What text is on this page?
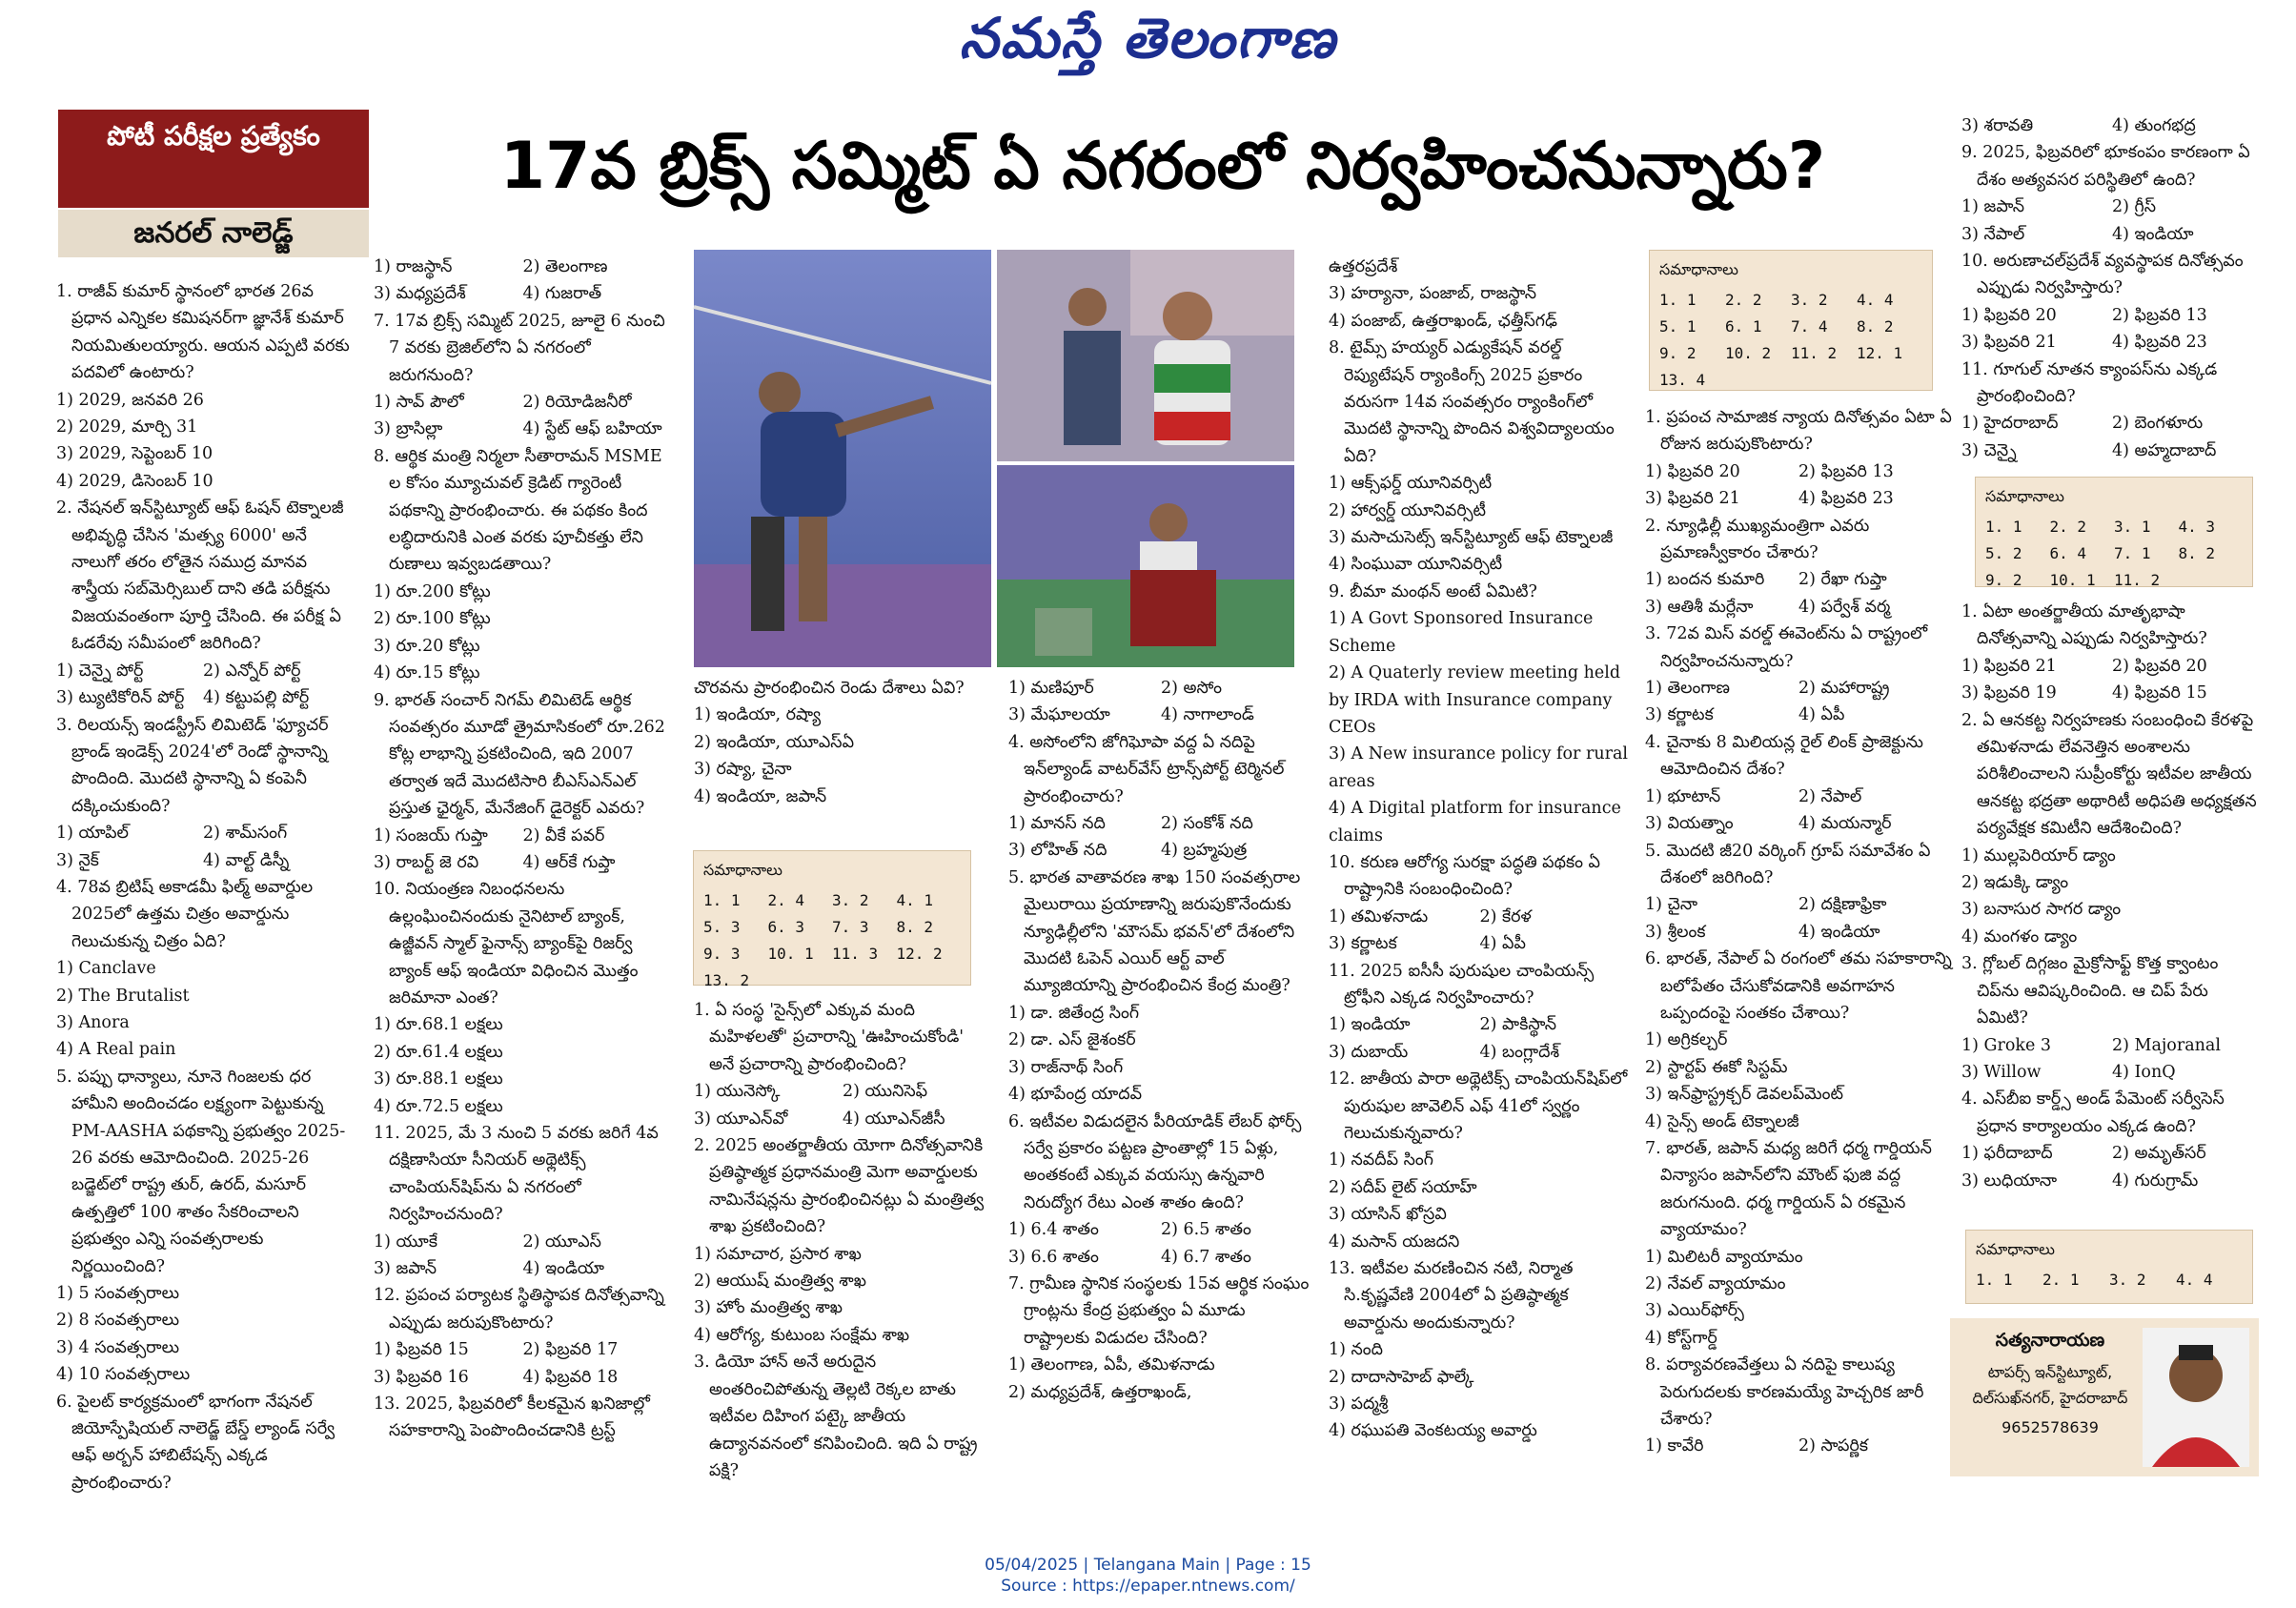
నమస్తే తెలంగాణ
పోటీ పరీక్షల ప్రత్యేకం
జనరల్ నాలెడ్జ్
17వ బ్రిక్స్ సమ్మిట్ ఏ నగరంలో నిర్వహించనున్నారు?

1. రాజీవ్ కుమార్ స్థానంలో భారత 26వ ప్రధాన ఎన్నికల కమిషనర్‌గా జ్ఞానేశ్ కుమార్ నియమితులయ్యారు. ఆయన ఎప్పటి వరకు పదవిలో ఉంటారు?

1) 2029, జనవరి 26
2) 2029, మార్చి 31
3) 2029, సెప్టెంబర్ 10
4) 2029, డిసెంబర్ 10

2. నేషనల్ ఇన్‌స్టిట్యూట్ ఆఫ్ ఓషన్ టెక్నాలజీ అభివృద్ధి చేసిన 'మత్స్య 6000' అనే నాలుగో తరం లోతైన సముద్ర మానవ శాస్త్రీయ సబ్‌మెర్సిబుల్ దాని తడి పరీక్షను విజయవంతంగా పూర్తి చేసింది. ఈ పరీక్ష ఏ ఓడరేవు సమీపంలో జరిగింది?

1) చెన్నై పోర్ట్	2) ఎన్నోర్ పోర్ట్
3) ట్యుటికోరిన్ పోర్ట్	4) కట్టుపల్లి పోర్ట్

3. రిలయన్స్ ఇండస్ట్రీస్ లిమిటెడ్ 'ఫ్యూచర్ బ్రాండ్ ఇండెక్స్ 2024'లో రెండో స్థానాన్ని పొందింది. మొదటి స్థానాన్ని ఏ కంపెనీ దక్కించుకుంది?

1) యాపిల్	2) శామ్‌సంగ్
3) నైక్	4) వాల్ట్ డిస్నీ

4. 78వ బ్రిటిష్ అకాడమీ ఫిల్మ్ అవార్డుల 2025లో ఉత్తమ చిత్రం అవార్డును గెలుచుకున్న చిత్రం ఏది?

1) Canclave
2) The Brutalist
3) Anora
4) A Real pain

5. పప్పు ధాన్యాలు, నూనె గింజలకు ధర హామీని అందించడం లక్ష్యంగా పెట్టుకున్న PM-AASHA పథకాన్ని ప్రభుత్వం 2025-26 వరకు ఆమోదించింది. 2025-26 బడ్జెట్‌లో రాష్ట్ర తుర్, ఉరద్, మసూర్ ఉత్పత్తిలో 100 శాతం సేకరించాలని ప్రభుత్వం ఎన్ని సంవత్సరాలకు నిర్ణయించింది?

1) 5 సంవత్సరాలు
2) 8 సంవత్సరాలు
3) 4 సంవత్సరాలు
4) 10 సంవత్సరాలు

6. పైలట్ కార్యక్రమంలో భాగంగా నేషనల్ జియోస్పేషియల్ నాలెడ్జ్ బేస్డ్ ల్యాండ్ సర్వే ఆఫ్ అర్బన్ హాబిటేషన్స్ ఎక్కడ ప్రారంభించారు?

1) రాజస్థాన్	2) తెలంగాణ
3) మధ్యప్రదేశ్	4) గుజరాత్

7. 17వ బ్రిక్స్ సమ్మిట్ 2025, జూలై 6 నుంచి 7 వరకు బ్రెజిల్‌లోని ఏ నగరంలో జరుగనుంది?

1) సావ్ పౌలో	2) రియోడిజనీరో
3) బ్రాసిల్లా	4) స్టేట్ ఆఫ్ బహియా

8. ఆర్థిక మంత్రి నిర్మలా సీతారామన్ MSME ల కోసం మ్యూచువల్ క్రెడిట్ గ్యారెంటీ పథకాన్ని ప్రారంభించారు. ఈ పథకం కింద లబ్ధిదారునికి ఎంత వరకు పూచీకత్తు లేని రుణాలు ఇవ్వబడతాయి?

1) రూ.200 కోట్లు
2) రూ.100 కోట్లు
3) రూ.20 కోట్లు
4) రూ.15 కోట్లు

9. భారత్ సంచార్ నిగమ్ లిమిటెడ్ ఆర్థిక సంవత్సరం మూడో త్రైమాసికంలో రూ.262 కోట్ల లాభాన్ని ప్రకటించింది, ఇది 2007 తర్వాత ఇదే మొదటిసారి బీఎస్ఎన్ఎల్ ప్రస్తుత ఛైర్మన్, మేనేజింగ్ డైరెక్టర్ ఎవరు?

1) సంజయ్ గుప్తా	2) వీకే పవర్
3) రాబర్ట్ జె రవి	4) ఆర్‌కే గుప్తా

10. నియంత్రణ నిబంధనలను ఉల్లంఘించినందుకు నైనిటాల్ బ్యాంక్, ఉజ్జీవన్ స్మాల్ ఫైనాన్స్ బ్యాంక్‌పై రిజర్వ్ బ్యాంక్ ఆఫ్ ఇండియా విధించిన మొత్తం జరిమానా ఎంత?

1) రూ.68.1 లక్షలు
2) రూ.61.4 లక్షలు
3) రూ.88.1 లక్షలు
4) రూ.72.5 లక్షలు

11. 2025, మే 3 నుంచి 5 వరకు జరిగే 4వ దక్షిణాసియా సీనియర్ అథ్లెటిక్స్ చాంపియన్‌షిప్‌ను ఏ నగరంలో నిర్వహించనుంది?

1) యూకే	2) యూఎస్
3) జపాన్	4) ఇండియా

12. ప్రపంచ పర్యాటక స్థితిస్థాపక దినోత్సవాన్ని ఎప్పుడు జరుపుకొంటారు?

1) ఫిబ్రవరి 15	2) ఫిబ్రవరి 17
3) ఫిబ్రవరి 16	4) ఫిబ్రవరి 18

13. 2025, ఫిబ్రవరిలో కీలకమైన ఖనిజాల్లో సహకారాన్ని పెంపొందించడానికి ట్రస్ట్

చొరవను ప్రారంభించిన రెండు దేశాలు ఏవి?

1) ఇండియా, రష్యా
2) ఇండియా, యూఎస్ఏ
3) రష్యా, చైనా
4) ఇండియా, జపాన్
సమాధానాలు
1. 1	2. 4	3. 2	4. 1
5. 3	6. 3	7. 3	8. 2
9. 3	10. 1	11. 3	12. 2
13. 2

1. ఏ సంస్థ 'సైన్స్‌లో ఎక్కువ మంది మహిళలతో' ప్రచారాన్ని 'ఊహించుకోండి' అనే ప్రచారాన్ని ప్రారంభించింది?

1) యునెస్కో	2) యునిసెఫ్
3) యూఎన్‌వో	4) యూఎన్‌జీసీ

2. 2025 అంతర్జాతీయ యోగా దినోత్సవానికి ప్రతిష్ఠాత్మక ప్రధానమంత్రి మెగా అవార్డులకు నామినేషన్లను ప్రారంభించినట్లు ఏ మంత్రిత్వ శాఖ ప్రకటించింది?

1) సమాచార, ప్రసార శాఖ
2) ఆయుష్ మంత్రిత్వ శాఖ
3) హోం మంత్రిత్వ శాఖ
4) ఆరోగ్య, కుటుంబ సంక్షేమ శాఖ

3. డియో హాన్ అనే అరుదైన అంతరించిపోతున్న తెల్లటి రెక్కల బాతు ఇటీవల దిహింగ పట్కై జాతీయ ఉద్యానవనంలో కనిపించింది. ఇది ఏ రాష్ట్ర పక్షి?

1) మణిపూర్	2) అసోం
3) మేఘాలయా	4) నాగాలాండ్

4. అసోంలోని జోగిఘోపా వద్ద ఏ నదిపై ఇన్‌ల్యాండ్ వాటర్‌వేస్ ట్రాన్స్‌పోర్ట్ టెర్మినల్ ప్రారంభించారు?

1) మానస్ నది	2) సంకోశ్ నది
3) లోహిత్ నది	4) బ్రహ్మపుత్ర

5. భారత వాతావరణ శాఖ 150 సంవత్సరాల మైలురాయి ప్రయాణాన్ని జరుపుకొనేందుకు న్యూఢిల్లీలోని 'మౌసమ్ భవన్‌'లో దేశంలోని మొదటి ఓపెన్ ఎయిర్ ఆర్ట్ వాల్ మ్యూజియాన్ని ప్రారంభించిన కేంద్ర మంత్రి?

1) డా. జితేంద్ర సింగ్
2) డా. ఎస్ జైశంకర్
3) రాజ్‌నాథ్ సింగ్
4) భూపేంద్ర యాదవ్

6. ఇటీవల విడుదలైన పీరియాడిక్ లేబర్ ఫోర్స్ సర్వే ప్రకారం పట్టణ ప్రాంతాల్లో 15 ఏళ్లు, అంతకంటే ఎక్కువ వయస్సు ఉన్నవారి నిరుద్యోగ రేటు ఎంత శాతం ఉంది?

1) 6.4 శాతం	2) 6.5 శాతం
3) 6.6 శాతం	4) 6.7 శాతం

7. గ్రామీణ స్థానిక సంస్థలకు 15వ ఆర్థిక సంఘం గ్రాంట్లను కేంద్ర ప్రభుత్వం ఏ మూడు రాష్ట్రాలకు విడుదల చేసింది?

1) తెలంగాణ, ఏపీ, తమిళనాడు
2) మధ్యప్రదేశ్, ఉత్తరాఖండ్,
ఉత్తరప్రదేశ్
3) హర్యానా, పంజాబ్, రాజస్థాన్
4) పంజాబ్, ఉత్తరాఖండ్, ఛత్తీస్‌గఢ్

8. టైమ్స్ హయ్యర్ ఎడ్యుకేషన్ వరల్డ్ రెప్యుటేషన్ ర్యాంకింగ్స్ 2025 ప్రకారం వరుసగా 14వ సంవత్సరం ర్యాంకింగ్‌లో మొదటి స్థానాన్ని పొందిన విశ్వవిద్యాలయం ఏది?

1) ఆక్స్‌ఫర్డ్ యూనివర్సిటీ
2) హార్వర్డ్ యూనివర్సిటీ
3) మసాచుసెట్స్ ఇన్‌స్టిట్యూట్ ఆఫ్ టెక్నాలజీ
4) సింఘువా యూనివర్సిటీ

9. బీమా మంథన్ అంటే ఏమిటి?

1) A Govt Sponsored Insurance Scheme
2) A Quaterly review meeting held by IRDA with Insurance company CEOs
3) A New insurance policy for rural areas
4) A Digital platform for insurance claims

10. కరుణ ఆరోగ్య సురక్షా పద్ధతి పథకం ఏ రాష్ట్రానికి సంబంధించింది?

1) తమిళనాడు	2) కేరళ
3) కర్ణాటక	4) ఏపీ

11. 2025 ఐసీసీ పురుషుల చాంపియన్స్ ట్రోఫీని ఎక్కడ నిర్వహించారు?

1) ఇండియా	2) పాకిస్థాన్
3) దుబాయ్	4) బంగ్లాదేశ్

12. జాతీయ పారా అథ్లెటిక్స్ చాంపియన్‌షిప్‌లో పురుషుల జావెలిన్ ఎఫ్ 41లో స్వర్ణం గెలుచుకున్నవారు?

1) నవదీప్ సింగ్
2) సదీప్ లైట్ సయాహ్
3) యాసిన్ ఖోస్రవి
4) మసాన్ యజదని

13. ఇటీవల మరణించిన నటి, నిర్మాత సి.కృష్ణవేణి 2004లో ఏ ప్రతిష్ఠాత్మక అవార్డును అందుకున్నారు?

1) నంది
2) దాదాసాహెబ్ ఫాల్కే
3) పద్మశ్రీ
4) రఘుపతి వెంకటయ్య అవార్డు
సమాధానాలు
1. 1	2. 2	3. 2	4. 4
5. 1	6. 1	7. 4	8. 2
9. 2	10. 2	11. 2	12. 1
13. 4

1. ప్రపంచ సామాజిక న్యాయ దినోత్సవం ఏటా ఏ రోజున జరుపుకొంటారు?

1) ఫిబ్రవరి 20	2) ఫిబ్రవరి 13
3) ఫిబ్రవరి 21	4) ఫిబ్రవరి 23

2. న్యూఢిల్లీ ముఖ్యమంత్రిగా ఎవరు ప్రమాణస్వీకారం చేశారు?

1) బందన కుమారి	2) రేఖా గుప్తా
3) ఆతిశీ మర్లేనా	4) పర్వేశ్ వర్మ

3. 72వ మిస్ వరల్డ్ ఈవెంట్‌ను ఏ రాష్ట్రంలో నిర్వహించనున్నారు?

1) తెలంగాణ	2) మహారాష్ట్ర
3) కర్ణాటక	4) ఏపీ

4. చైనాకు 8 మిలియన్ల రైల్ లింక్ ప్రాజెక్టును ఆమోదించిన దేశం?

1) భూటాన్	2) నేపాల్
3) వియత్నాం	4) మయన్మార్

5. మొదటి జీ20 వర్కింగ్ గ్రూప్ సమావేశం ఏ దేశంలో జరిగింది?

1) చైనా	2) దక్షిణాఫ్రికా
3) శ్రీలంక	4) ఇండియా

6. భారత్, నేపాల్ ఏ రంగంలో తమ సహకారాన్ని బలోపేతం చేసుకోవడానికి అవగాహన ఒప్పందంపై సంతకం చేశాయి?

1) అగ్రికల్చర్
2) స్టార్టప్ ఈకో సిస్టమ్
3) ఇన్‌ఫ్రాస్ట్రక్చర్ డెవలప్‌మెంట్
4) సైన్స్ అండ్ టెక్నాలజీ

7. భారత్, జపాన్ మధ్య జరిగే ధర్మ గార్డియన్ విన్యాసం జపాన్‌లోని మౌంట్ ఫుజి వద్ద జరుగనుంది. ధర్మ గార్డియన్ ఏ రకమైన వ్యాయామం?

1) మిలిటరీ వ్యాయామం
2) నేవల్ వ్యాయామం
3) ఎయిర్‌ఫోర్స్
4) కోస్ట్‌గార్డ్

8. పర్యావరణవేత్తలు ఏ నదిపై కాలుష్య పెరుగుదలకు కారణమయ్యే హెచ్చరిక జారీ చేశారు?

1) కావేరి	2) సాపర్ణిక
3) శరావతి	4) తుంగభద్ర

9. 2025, ఫిబ్రవరిలో భూకంపం కారణంగా ఏ దేశం అత్యవసర పరిస్థితిలో ఉంది?

1) జపాన్	2) గ్రీస్
3) నేపాల్	4) ఇండియా

10. అరుణాచల్‌ప్రదేశ్ వ్యవస్థాపక దినోత్సవం ఎప్పుడు నిర్వహిస్తారు?

1) ఫిబ్రవరి 20	2) ఫిబ్రవరి 13
3) ఫిబ్రవరి 21	4) ఫిబ్రవరి 23

11. గూగుల్ నూతన క్యాంపస్‌ను ఎక్కడ ప్రారంభించింది?

1) హైదరాబాద్	2) బెంగళూరు
3) చెన్నై	4) అహ్మదాబాద్
సమాధానాలు
1. 1	2. 2	3. 1	4. 3
5. 2	6. 4	7. 1	8. 2
9. 2	10. 1	11. 2

1. ఏటా అంతర్జాతీయ మాతృభాషా దినోత్సవాన్ని ఎప్పుడు నిర్వహిస్తారు?

1) ఫిబ్రవరి 21	2) ఫిబ్రవరి 20
3) ఫిబ్రవరి 19	4) ఫిబ్రవరి 15

2. ఏ ఆనకట్ట నిర్వహణకు సంబంధించి కేరళపై తమిళనాడు లేవనెత్తిన అంశాలను పరిశీలించాలని సుప్రీంకోర్టు ఇటీవల జాతీయ ఆనకట్ట భద్రతా అథారిటీ అధిపతి అధ్యక్షతన పర్యవేక్షక కమిటీని ఆదేశించింది?

1) ముల్లపెరియార్ డ్యాం
2) ఇడుక్కి డ్యాం
3) బనాసుర సాగర డ్యాం
4) మంగళం డ్యాం

3. గ్లోబల్ దిగ్గజం మైక్రోసాఫ్ట్ కొత్త క్వాంటం చిప్‌ను ఆవిష్కరించింది. ఆ చిప్ పేరు ఏమిటి?

1) Groke 3	2) Majoranal
3) Willow	4) IonQ

4. ఎస్‌బీఐ కార్డ్స్ అండ్ పేమెంట్ సర్వీసెస్ ప్రధాన కార్యాలయం ఎక్కడ ఉంది?

1) ఫరీదాబాద్	2) అమృత్‌సర్
3) లుధియానా	4) గురుగ్రామ్
సమాధానాలు
1. 1	2. 1	3. 2	4. 4
సత్యనారాయణ
టాపర్స్ ఇన్‌స్టిట్యూట్,
దిల్‌సుఖ్‌నగర్, హైదరాబాద్
9652578639
05/04/2025 | Telangana Main | Page : 15
Source : https://epaper.ntnews.com/
